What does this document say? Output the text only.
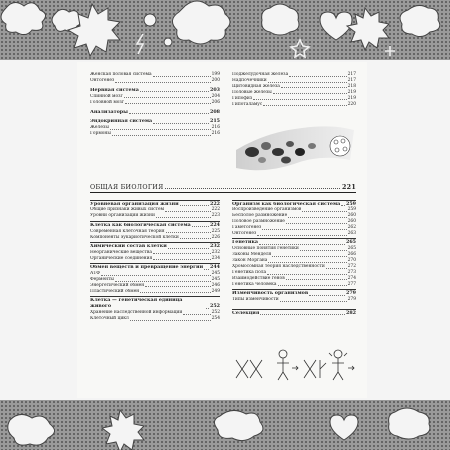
Женская половая система	199
Онтогенез	200
Нервная система	203
Спинной мозг	204
Головной мозг	206
Анализаторы	208
Эндокринная система	215
Железы	216
Гормоны	216
Поджелудочная железа	217
Надпочечники	217
Щитовидная железа	218
Половые железы	219
Гипофиз	219
Гипоталамус	220
ОБЩАЯ БИОЛОГИЯ	221
Уровневая организация жизни	222
Общие признаки живых систем	222
Уровни организации жизни	223
Клетка как биологическая система	224
Современная клеточная теория	225
Компоненты эукариотической клетки	226
Химический состав клетки	232
Неорганические вещества	232
Органические соединения	234
Обмен веществ и превращение энергии 244
АТФ	245
Ферменты	245
Энергетический обмен	246
Пластический обмен	249
Клетка — генетическая единица живого	252
Хранение наследственной информации	252
Клеточный цикл	254
Организм как биологическая система 259
Воспроизведение организмов	259
Бесполое размножение	260
Половое размножение	260
Гаметогенез	262
Онтогенез	263
Генетика	265
Основные понятия генетики	265
Законы Менделя	266
Закон Моргана	270
Хромосомная теория наследственности	272
Генетика пола	273
Взаимодействие генов	274
Генетика человека	277
Изменчивость организмов	279
Типы изменчивости	279
Селекция	282
